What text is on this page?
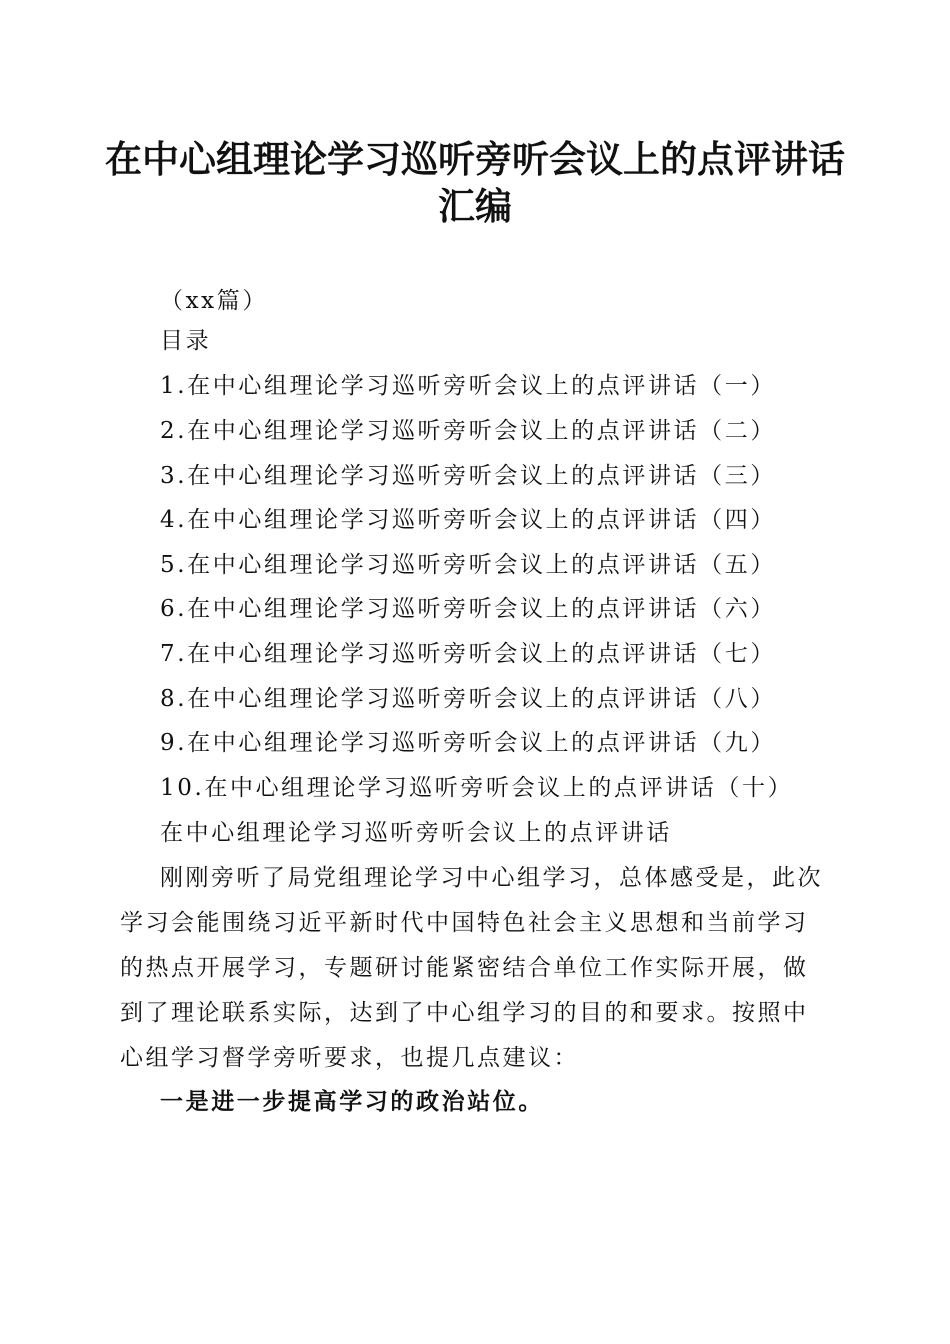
在中心组理论学习巡听旁听会议上的点评讲话
汇编
（xx篇）
目录
1.在中心组理论学习巡听旁听会议上的点评讲话（一）
2.在中心组理论学习巡听旁听会议上的点评讲话（二）
3.在中心组理论学习巡听旁听会议上的点评讲话（三）
4.在中心组理论学习巡听旁听会议上的点评讲话（四）
5.在中心组理论学习巡听旁听会议上的点评讲话（五）
6.在中心组理论学习巡听旁听会议上的点评讲话（六）
7.在中心组理论学习巡听旁听会议上的点评讲话（七）
8.在中心组理论学习巡听旁听会议上的点评讲话（八）
9.在中心组理论学习巡听旁听会议上的点评讲话（九）
10.在中心组理论学习巡听旁听会议上的点评讲话（十）
在中心组理论学习巡听旁听会议上的点评讲话
刚刚旁听了局党组理论学习中心组学习，总体感受是，此次学习会能围绕习近平新时代中国特色社会主义思想和当前学习的热点开展学习，专题研讨能紧密结合单位工作实际开展，做到了理论联系实际，达到了中心组学习的目的和要求。按照中心组学习督学旁听要求，也提几点建议：
一是进一步提高学习的政治站位。
